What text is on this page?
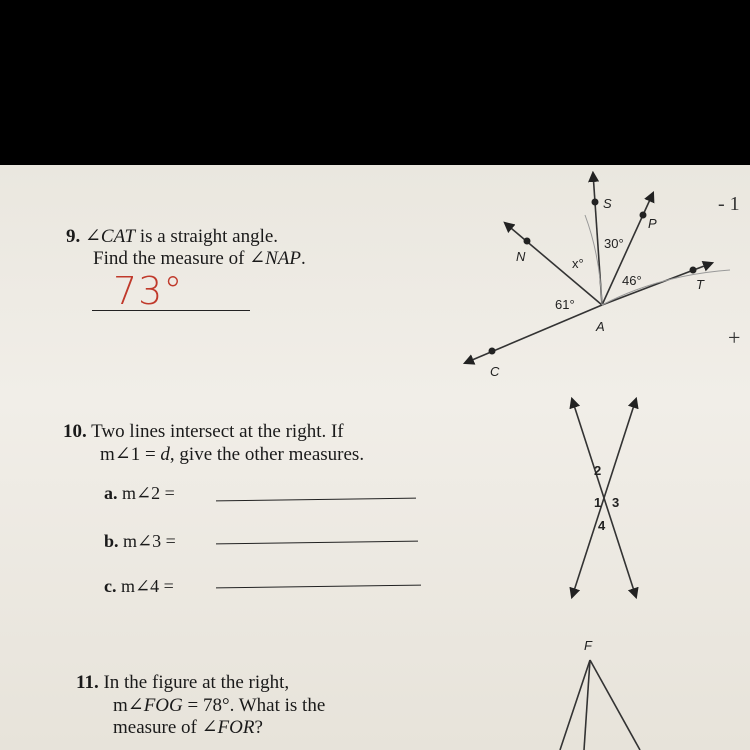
9. ∠CAT is a straight angle.
Find the measure of ∠NAP.
73°
S
P
N
T
A
C
30°
x°
46°
61°
- 1
+
10. Two lines intersect at the right. If
m∠1 = d, give the other measures.
a. m∠2 =
b. m∠3 =
c. m∠4 =
1
2
3
4
11. In the figure at the right,
m∠FOG = 78°. What is the
measure of ∠FOR?
F
